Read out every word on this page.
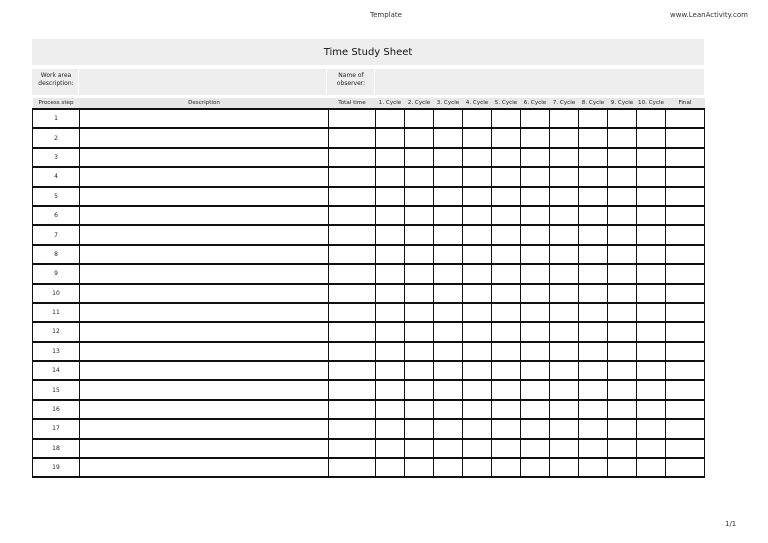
Template	www.LeanActivity.com
Time Study Sheet
Work area description:
Name of observer:
Process step	Description	Total time	1. Cycle	2. Cycle	3. Cycle	4. Cycle	5. Cycle	6. Cycle	7. Cycle	8. Cycle	9. Cycle	10. Cycle	Final
1													
2													
3													
4													
5													
6													
7													
8													
9													
10													
11													
12													
13													
14													
15													
16													
17													
18													
19													
1/1
